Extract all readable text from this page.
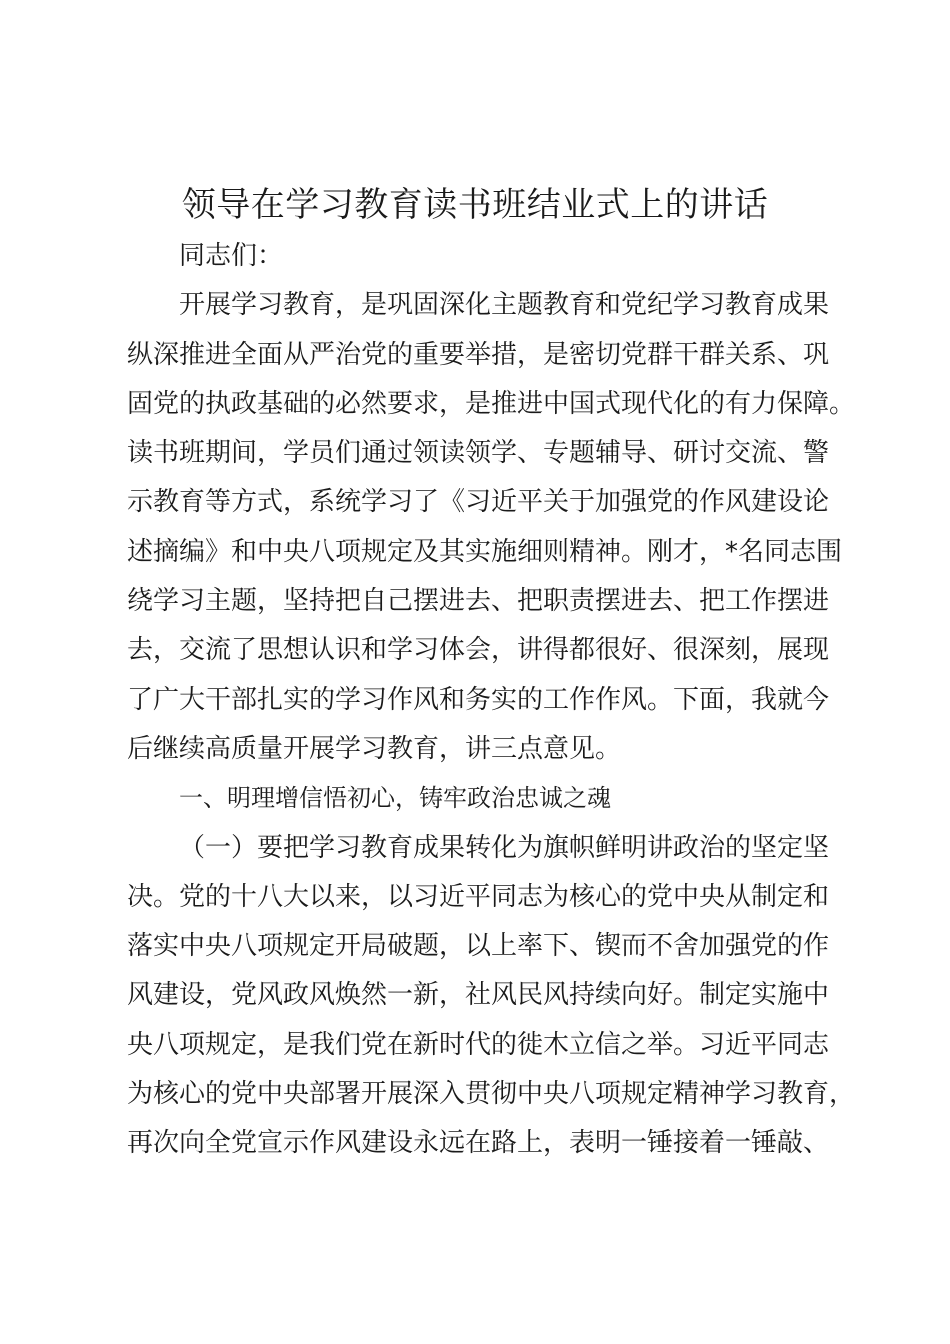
领导在学习教育读书班结业式上的讲话
同志们：
开展学习教育，是巩固深化主题教育和党纪学习教育成果
纵深推进全面从严治党的重要举措，是密切党群干群关系、巩
固党的执政基础的必然要求，是推进中国式现代化的有力保障。
读书班期间，学员们通过领读领学、专题辅导、研讨交流、警
示教育等方式，系统学习了《习近平关于加强党的作风建设论
述摘编》和中央八项规定及其实施细则精神。刚才，*名同志围
绕学习主题，坚持把自己摆进去、把职责摆进去、把工作摆进
去，交流了思想认识和学习体会，讲得都很好、很深刻，展现
了广大干部扎实的学习作风和务实的工作作风。下面，我就今
后继续高质量开展学习教育，讲三点意见。
一、明理增信悟初心，铸牢政治忠诚之魂
（一）要把学习教育成果转化为旗帜鲜明讲政治的坚定坚
决。党的十八大以来，以习近平同志为核心的党中央从制定和
落实中央八项规定开局破题，以上率下、锲而不舍加强党的作
风建设，党风政风焕然一新，社风民风持续向好。制定实施中
央八项规定，是我们党在新时代的徙木立信之举。习近平同志
为核心的党中央部署开展深入贯彻中央八项规定精神学习教育，
再次向全党宣示作风建设永远在路上，表明一锤接着一锤敲、
